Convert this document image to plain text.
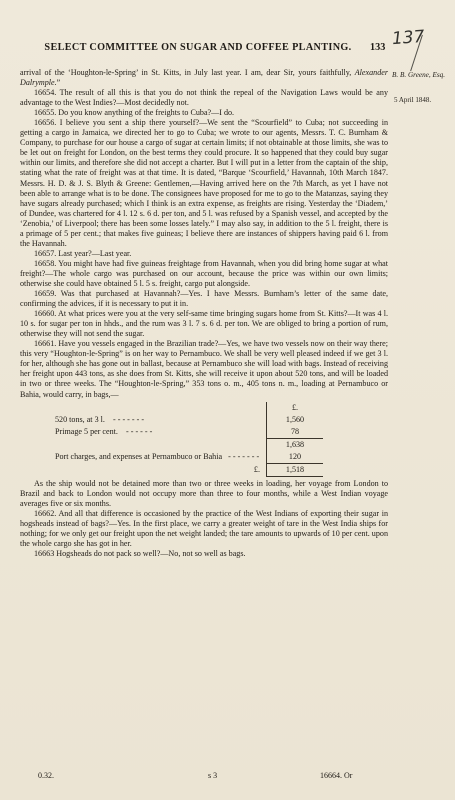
SELECT COMMITTEE ON SUGAR AND COFFEE PLANTING.	133 137
B. B. Greene, Esq.
5 April 1848.

arrival of the ‘Houghton-le-Spring’ in St. Kitts, in July last year. I am, dear Sir, yours faithfully, Alexander Dalrymple.”

16654. The result of all this is that you do not think the repeal of the Navigation Laws would be any advantage to the West Indies?—Most decidedly not.

16655. Do you know anything of the freights to Cuba?—I do.

16656. I believe you sent a ship there yourself?—We sent the “Scourfield” to Cuba; not succeeding in getting a cargo in Jamaica, we directed her to go to Cuba; we wrote to our agents, Messrs. T. C. Burnham & Company, to purchase for our house a cargo of sugar at certain limits; if not obtainable at those limits, she was to be let out on freight for London, on the best terms they could procure. It so happened that they could buy sugar within our limits, and therefore she did not accept a charter. But I will put in a letter from the captain of the ship, stating what the rate of freight was at that time. It is dated, “Barque ‘Scourfield,’ Havannah, 10th March 1847. Messrs. H. D. & J. S. Blyth & Greene: Gentlemen,—Having arrived here on the 7th March, as yet I have not been able to arrange what is to be done. The consignees have proposed for me to go to the Matanzas, saying they have sugars already purchased; which I think is an extra expense, as freights are rising. Yesterday the ‘Diadem,’ of Dundee, was chartered for 4 l. 12 s. 6 d. per ton, and 5 l. was refused by a Spanish vessel, and accepted by the ‘Zenobia,’ of Liverpool; there has been some losses lately.” I may also say, in addition to the 5 l. freight, there is a primage of 5 per cent.; that makes five guineas; I believe there are instances of shippers having paid 6 l. from the Havannah.

16657. Last year?—Last year.

16658. You might have had five guineas freightage from Havannah, when you did bring home sugar at what freight?—The whole cargo was purchased on our account, because the price was within our own limits; otherwise she could have obtained 5 l. 5 s. freight, cargo put alongside.

16659. Was that purchased at Havannah?—Yes. I have Messrs. Burnham’s letter of the same date, confirming the advices, if it is necessary to put it in.

16660. At what prices were you at the very self-same time bringing sugars home from St. Kitts?—It was 4 l. 10 s. for sugar per ton in hhds., and the rum was 3 l. 7 s. 6 d. per ton. We are obliged to bring a portion of rum, otherwise they will not send the sugar.

16661. Have you vessels engaged in the Brazilian trade?—Yes, we have two vessels now on their way there; this very “Houghton-le-Spring” is on her way to Pernambuco. We shall be very well pleased indeed if we get 3 l. for her, although she has gone out in ballast, because at Pernambuco she will load with bags. Instead of receiving her freight upon 443 tons, as she does from St. Kitts, she will receive it upon about 520 tons, and will be loaded in two or three weeks. The “Houghton-le-Spring,” 353 tons o. m., 405 tons n. m., loading at Pernambuco or Bahia, would carry, in bags,—

	£.
520 tons, at 3 l. - - - - - - -	1,560
Primage 5 per cent. - - - - - -	78
	1,638
Port charges, and expenses at Pernambuco or Bahia - - - - - - -	120
£.	1,518

As the ship would not be detained more than two or three weeks in loading, her voyage from London to Brazil and back to London would not occupy more than three to four months, while a West Indian voyage averages five or six months.

16662. And all that difference is occasioned by the practice of the West Indians of exporting their sugar in hogsheads instead of bags?—Yes. In the first place, we carry a greater weight of tare in the West India ships for nothing; for we only get our freight upon the net weight landed; the tare amounts to upwards of 10 per cent. upon the whole cargo she has got in her.

16663 Hogsheads do not pack so well?—No, not so well as bags.

0.32.	s 3	16664. Or
